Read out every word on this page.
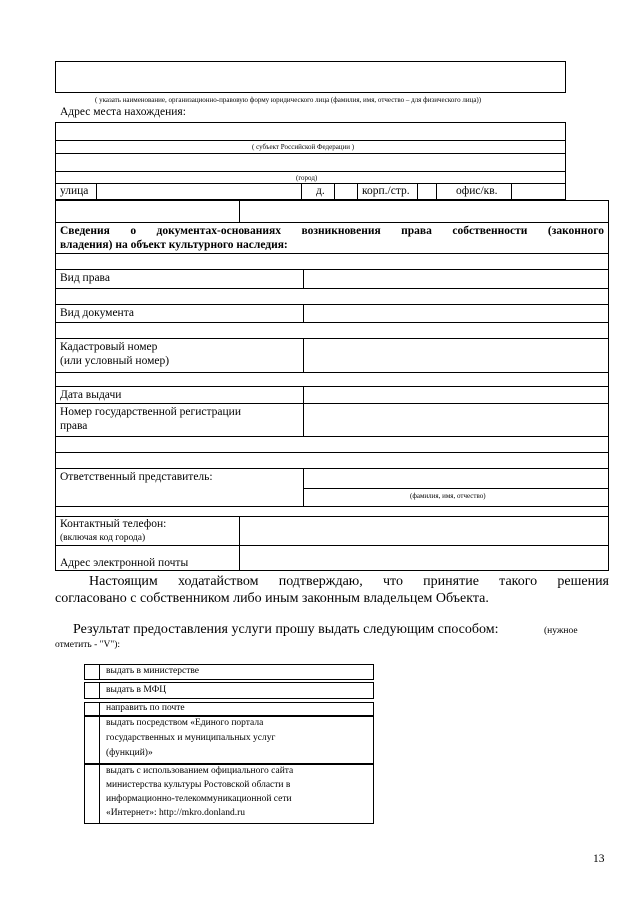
( указать наименование, организационно-правовую форму юридического лица (фамилия, имя, отчество – для физического лица))
Адрес места нахождения:
( субъект Российской Федерации )
(город)
улица	д.	корп./стр.	офис/кв.
Сведения о документах-основаниях возникновения права собственности (законного
владения) на объект культурного наследия:
Вид права
Вид документа
Кадастровый номер
(или условный номер)
Дата выдачи
Номер государственной регистрации
права
Ответственный представитель:
(фамилия, имя, отчество)
Контактный телефон:
(включая код города)
Адрес электронной почты
Настоящим ходатайством подтверждаю, что принятие такого решения
согласовано с собственником либо иным законным владельцем Объекта.
Результат предоставления услуги прошу выдать следующим способом:	(нужное
отметить - "V"):
выдать в министерстве
выдать в МФЦ
направить по почте
выдать посредством «Единого портала
государственных и муниципальных услуг
(функций)»
выдать с использованием официального сайта
министерства культуры Ростовской области в
информационно-телекоммуникационной сети
«Интернет»: http://mkro.donland.ru
13
